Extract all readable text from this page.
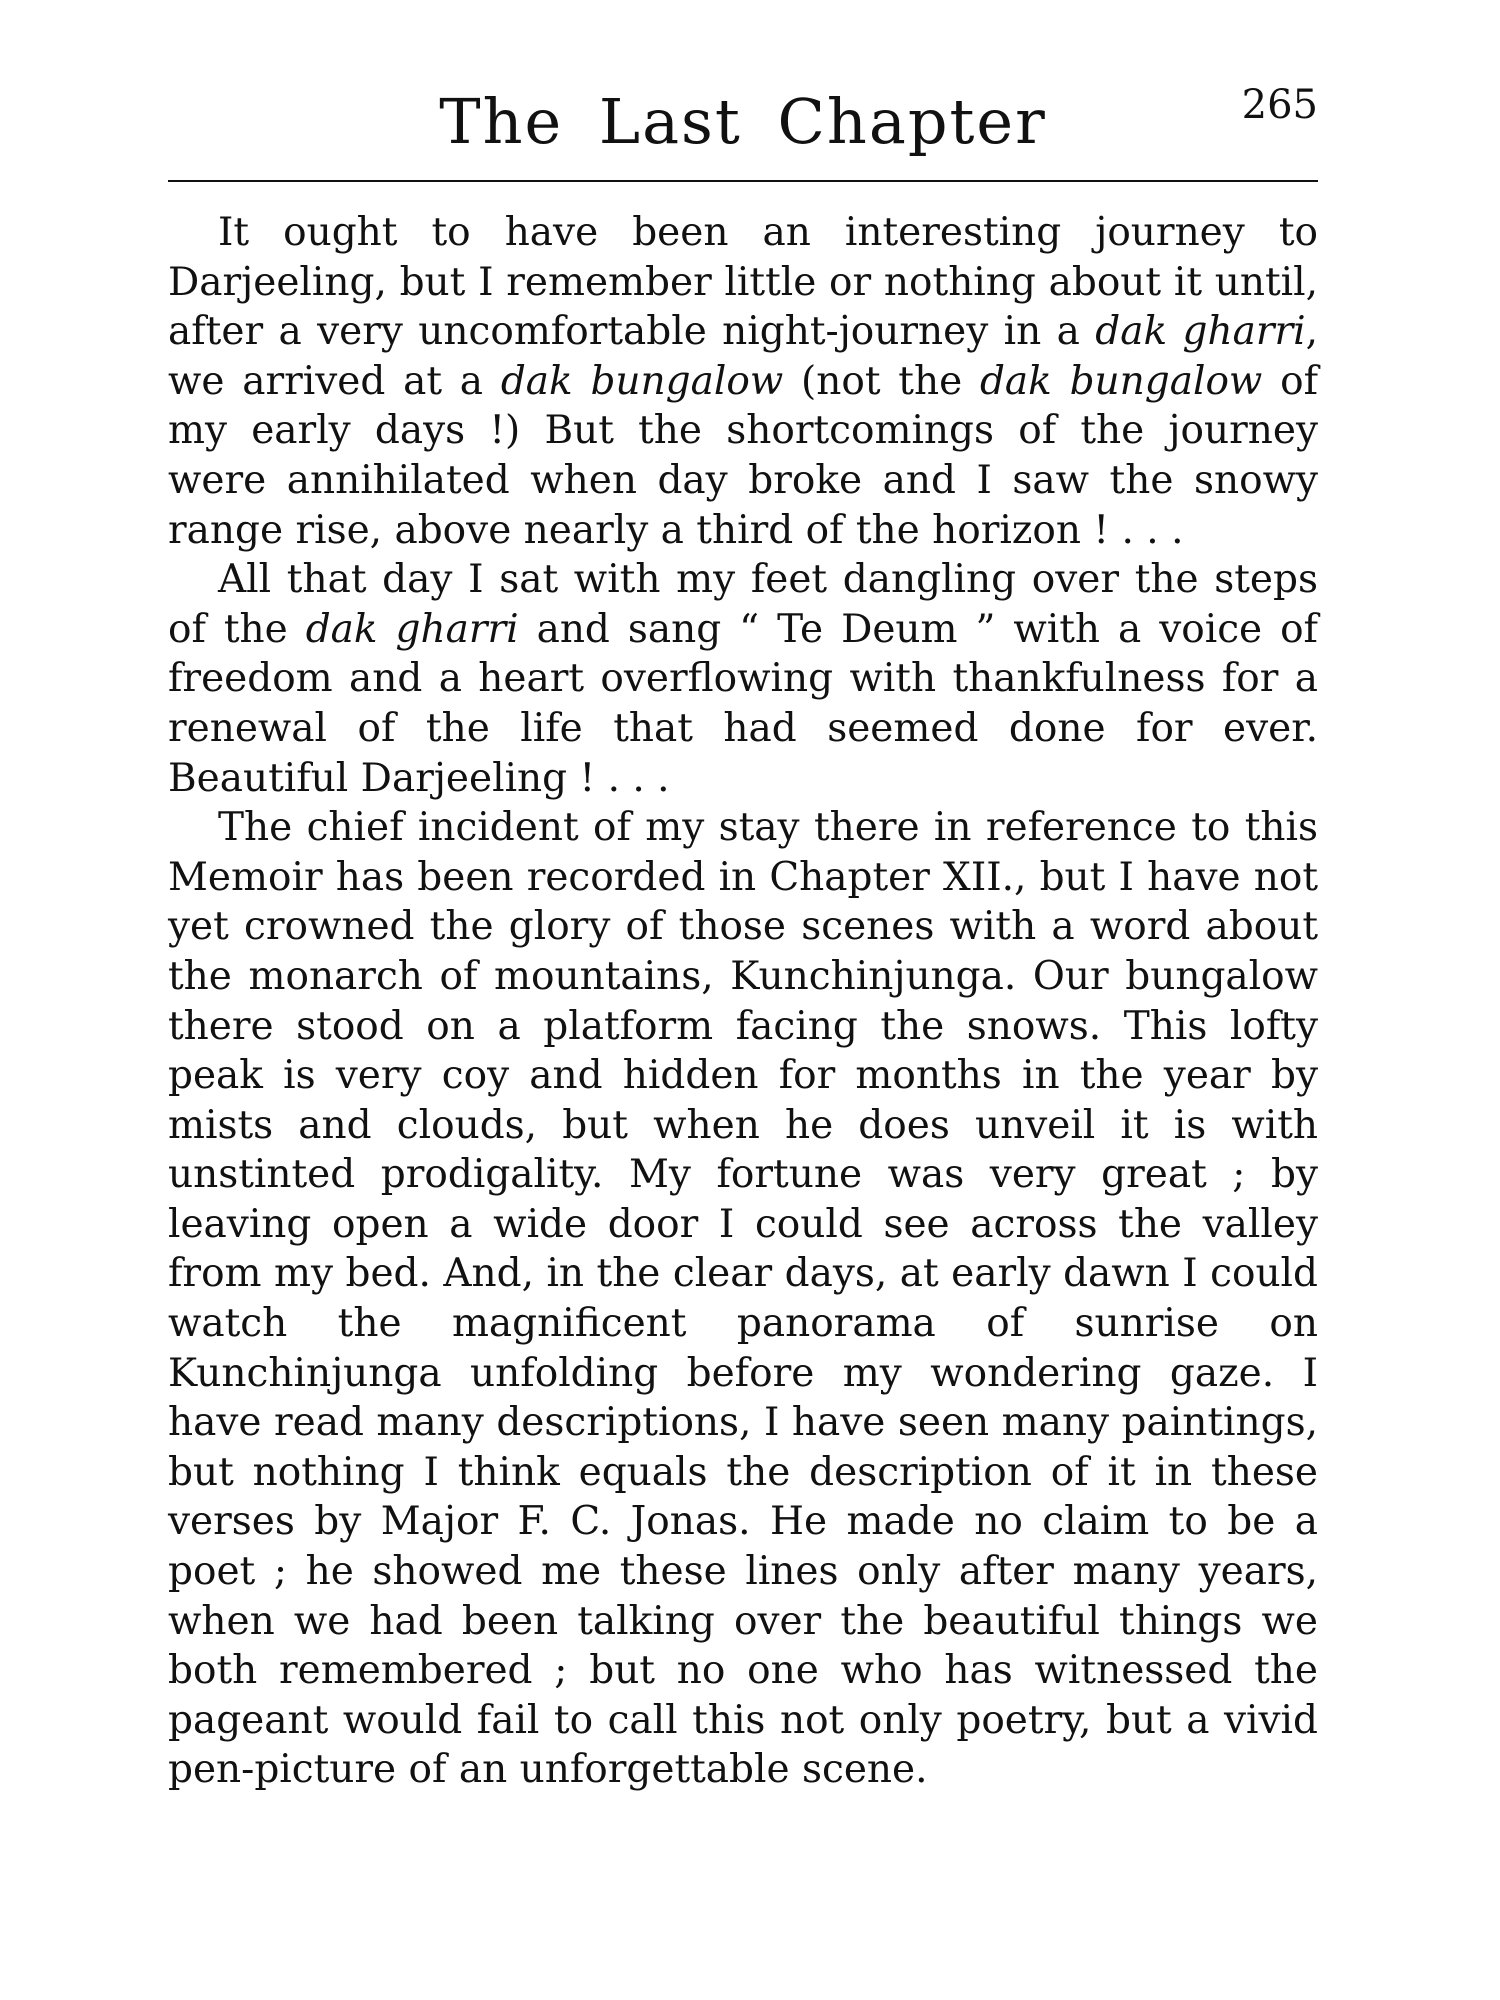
The Last Chapter	265

It ought to have been an interesting journey to Darjeeling, but I remember little or nothing about it until, after a very uncomfortable night-journey in a dak gharri, we arrived at a dak bungalow (not the dak bungalow of my early days !) But the shortcomings of the journey were annihilated when day broke and I saw the snowy range rise, above nearly a third of the horizon ! . . .

All that day I sat with my feet dangling over the steps of the dak gharri and sang “ Te Deum ” with a voice of freedom and a heart overflowing with thankfulness for a renewal of the life that had seemed done for ever. Beautiful Darjeeling ! . . .

The chief incident of my stay there in reference to this Memoir has been recorded in Chapter XII., but I have not yet crowned the glory of those scenes with a word about the monarch of mountains, Kunchinjunga. Our bungalow there stood on a platform facing the snows. This lofty peak is very coy and hidden for months in the year by mists and clouds, but when he does unveil it is with unstinted prodigality. My fortune was very great ; by leaving open a wide door I could see across the valley from my bed. And, in the clear days, at early dawn I could watch the magnificent panorama of sunrise on Kunchinjunga unfolding before my wondering gaze. I have read many descriptions, I have seen many paintings, but nothing I think equals the description of it in these verses by Major F. C. Jonas. He made no claim to be a poet ; he showed me these lines only after many years, when we had been talking over the beautiful things we both remembered ; but no one who has witnessed the pageant would fail to call this not only poetry, but a vivid pen-picture of an unforgettable scene.
